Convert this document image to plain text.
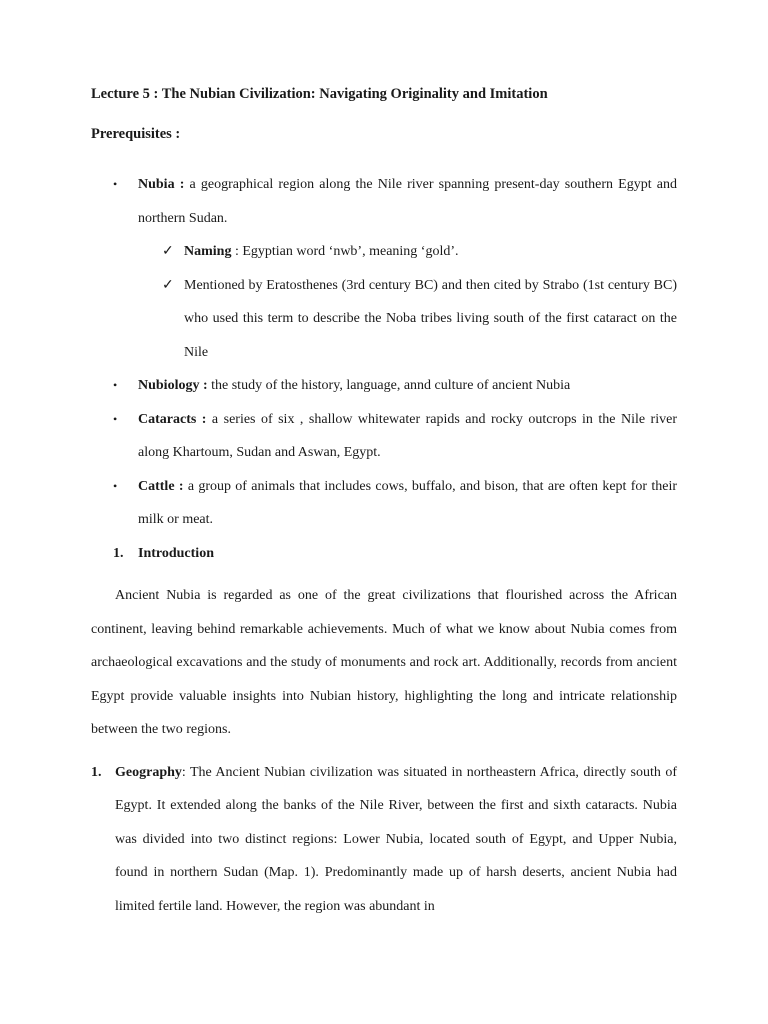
Lecture 5 : The Nubian Civilization: Navigating Originality and Imitation

Prerequisites :

• Nubia : a geographical region along the Nile river spanning present-day southern Egypt and northern Sudan.
✓ Naming : Egyptian word ‘nwb’, meaning ‘gold’.
✓ Mentioned by Eratosthenes (3rd century BC) and then cited by Strabo (1st century BC) who used this term to describe the Noba tribes living south of the first cataract on the Nile
• Nubiology : the study of the history, language, annd culture of ancient Nubia
• Cataracts : a series of six , shallow whitewater rapids and rocky outcrops in the Nile river along Khartoum, Sudan and Aswan, Egypt.
• Cattle : a group of animals that includes cows, buffalo, and bison, that are often kept for their milk or meat.
1. Introduction

Ancient Nubia is regarded as one of the great civilizations that flourished across the African continent, leaving behind remarkable achievements. Much of what we know about Nubia comes from archaeological excavations and the study of monuments and rock art. Additionally, records from ancient Egypt provide valuable insights into Nubian history, highlighting the long and intricate relationship between the two regions.

1. Geography: The Ancient Nubian civilization was situated in northeastern Africa, directly south of Egypt. It extended along the banks of the Nile River, between the first and sixth cataracts. Nubia was divided into two distinct regions: Lower Nubia, located south of Egypt, and Upper Nubia, found in northern Sudan (Map. 1). Predominantly made up of harsh deserts, ancient Nubia had limited fertile land. However, the region was abundant in
